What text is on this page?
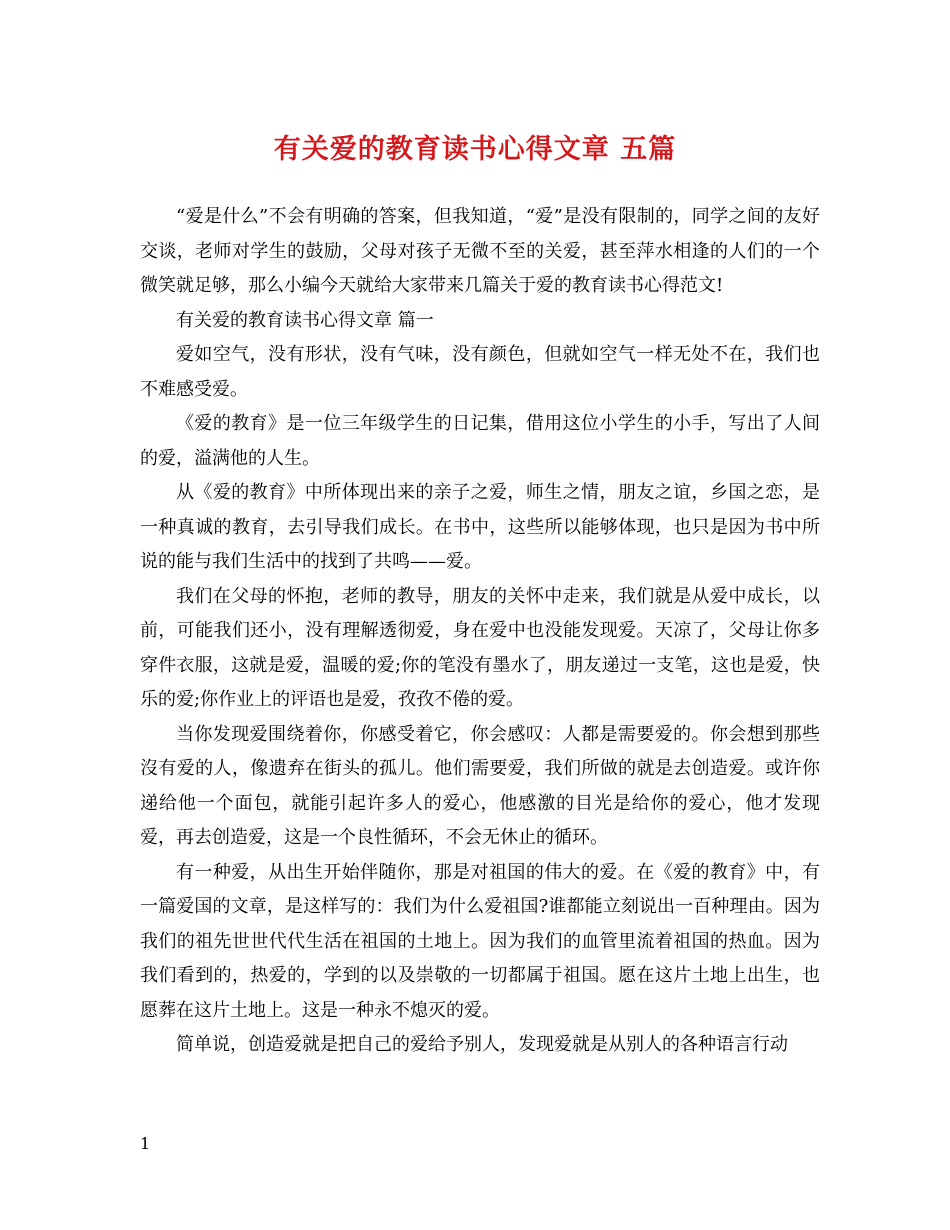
有关爱的教育读书心得文章 五篇

“爱是什么”不会有明确的答案，但我知道，“爱”是没有限制的，同学之间的友好交谈，老师对学生的鼓励，父母对孩子无微不至的关爱，甚至萍水相逢的人们的一个微笑就足够，那么小编今天就给大家带来几篇关于爱的教育读书心得范文!

有关爱的教育读书心得文章 篇一

爱如空气，没有形状，没有气味，没有颜色，但就如空气一样无处不在，我们也不难感受爱。

《爱的教育》是一位三年级学生的日记集，借用这位小学生的小手，写出了人间的爱，溢满他的人生。

从《爱的教育》中所体现出来的亲子之爱，师生之情，朋友之谊，乡国之恋，是一种真诚的教育，去引导我们成长。在书中，这些所以能够体现，也只是因为书中所说的能与我们生活中的找到了共鸣——爱。

我们在父母的怀抱，老师的教导，朋友的关怀中走来，我们就是从爱中成长，以前，可能我们还小，没有理解透彻爱，身在爱中也没能发现爱。天凉了，父母让你多穿件衣服，这就是爱，温暖的爱;你的笔没有墨水了，朋友递过一支笔，这也是爱，快乐的爱;你作业上的评语也是爱，孜孜不倦的爱。

当你发现爱围绕着你，你感受着它，你会感叹：人都是需要爱的。你会想到那些沒有爱的人，像遗弃在街头的孤儿。他们需要爱，我们所做的就是去创造爱。或许你递给他一个面包，就能引起许多人的爱心，他感激的目光是给你的爱心，他才发现爱，再去创造爱，这是一个良性循环，不会无休止的循环。

有一种爱，从出生开始伴随你，那是对祖国的伟大的爱。在《爱的教育》中，有一篇爱国的文章，是这样写的：我们为什么爱祖国?谁都能立刻说出一百种理由。因为我们的祖先世世代代生活在祖国的土地上。因为我们的血管里流着祖国的热血。因为我们看到的，热爱的，学到的以及崇敬的一切都属于祖国。愿在这片土地上出生，也愿葬在这片土地上。这是一种永不熄灭的爱。

简单说，创造爱就是把自己的爱给予别人，发现爱就是从别人的各种语言行动

1
